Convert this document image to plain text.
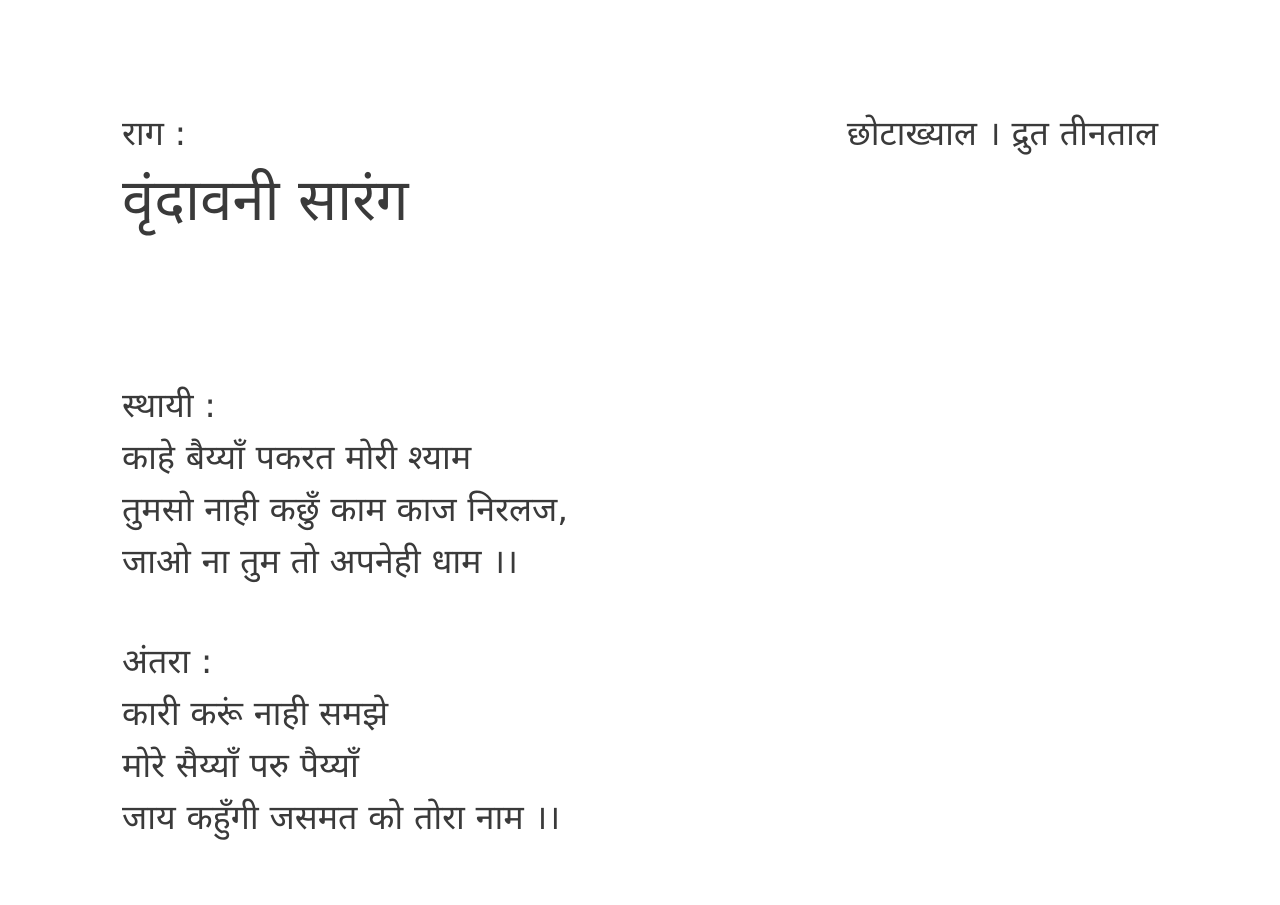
राग :
वृंदावनी सारंग
छोटाख्याल । द्रुत तीनताल
स्थायी :
काहे बैय्याँ पकरत मोरी श्याम
तुमसो नाही कछुँ काम काज निरलज,
जाओ ना तुम तो अपनेही धाम ।।
अंतरा :
कारी करूं नाही समझे
मोरे सैय्याँ परु पैय्याँ
जाय कहुँगी जसमत को तोरा नाम ।।
